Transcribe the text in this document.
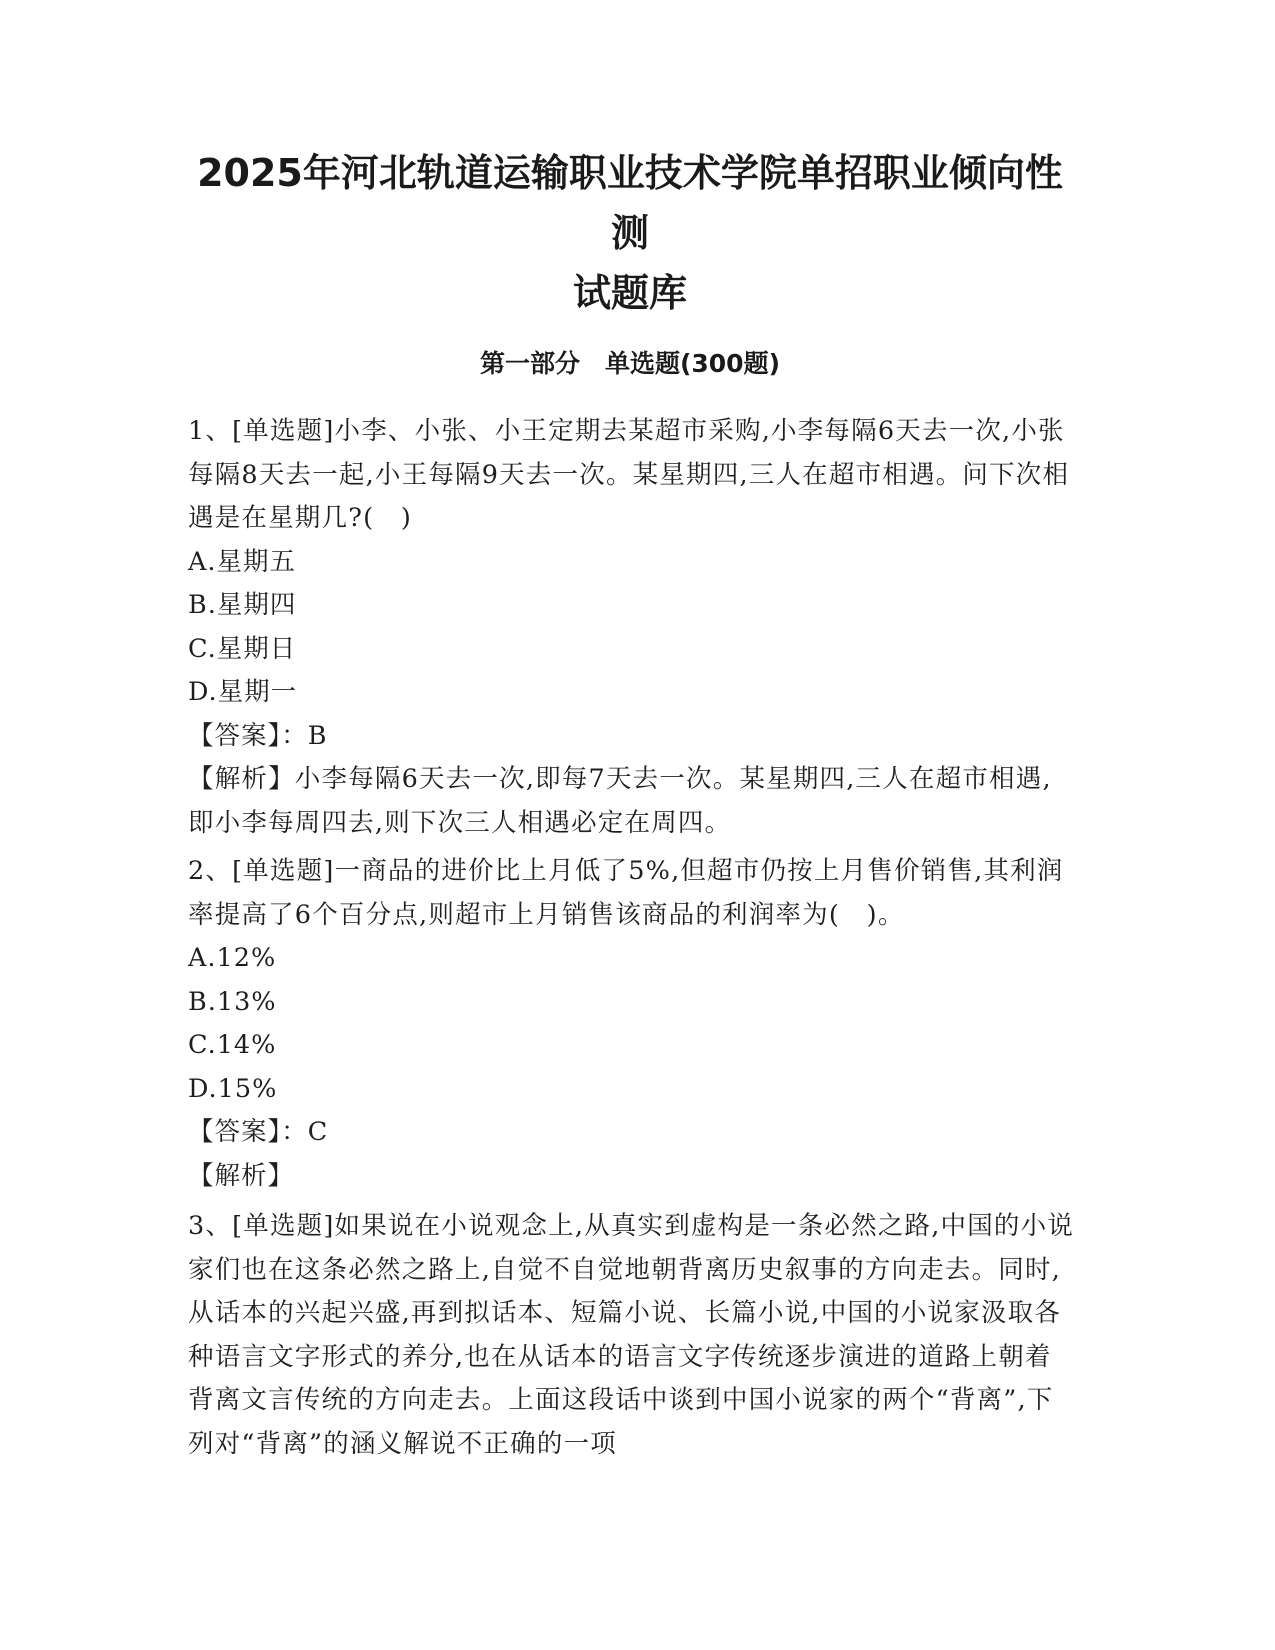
2025年河北轨道运输职业技术学院单招职业倾向性测
试题库
第一部分　单选题(300题)

1、[单选题]小李、小张、小王定期去某超市采购,小李每隔6天去一次,小张每隔8天去一起,小王每隔9天去一次。某星期四,三人在超市相遇。问下次相遇是在星期几?(　)

A.星期五

B.星期四

C.星期日

D.星期一

【答案】：B

【解析】小李每隔6天去一次,即每7天去一次。某星期四,三人在超市相遇,即小李每周四去,则下次三人相遇必定在周四。

2、[单选题]一商品的进价比上月低了5%,但超市仍按上月售价销售,其利润率提高了6个百分点,则超市上月销售该商品的利润率为(　)。

A.12%

B.13%

C.14%

D.15%

【答案】：C

【解析】

3、[单选题]如果说在小说观念上,从真实到虚构是一条必然之路,中国的小说家们也在这条必然之路上,自觉不自觉地朝背离历史叙事的方向走去。同时,从话本的兴起兴盛,再到拟话本、短篇小说、长篇小说,中国的小说家汲取各种语言文字形式的养分,也在从话本的语言文字传统逐步演进的道路上朝着背离文言传统的方向走去。上面这段话中谈到中国小说家的两个“背离”,下列对“背离”的涵义解说不正确的一项
